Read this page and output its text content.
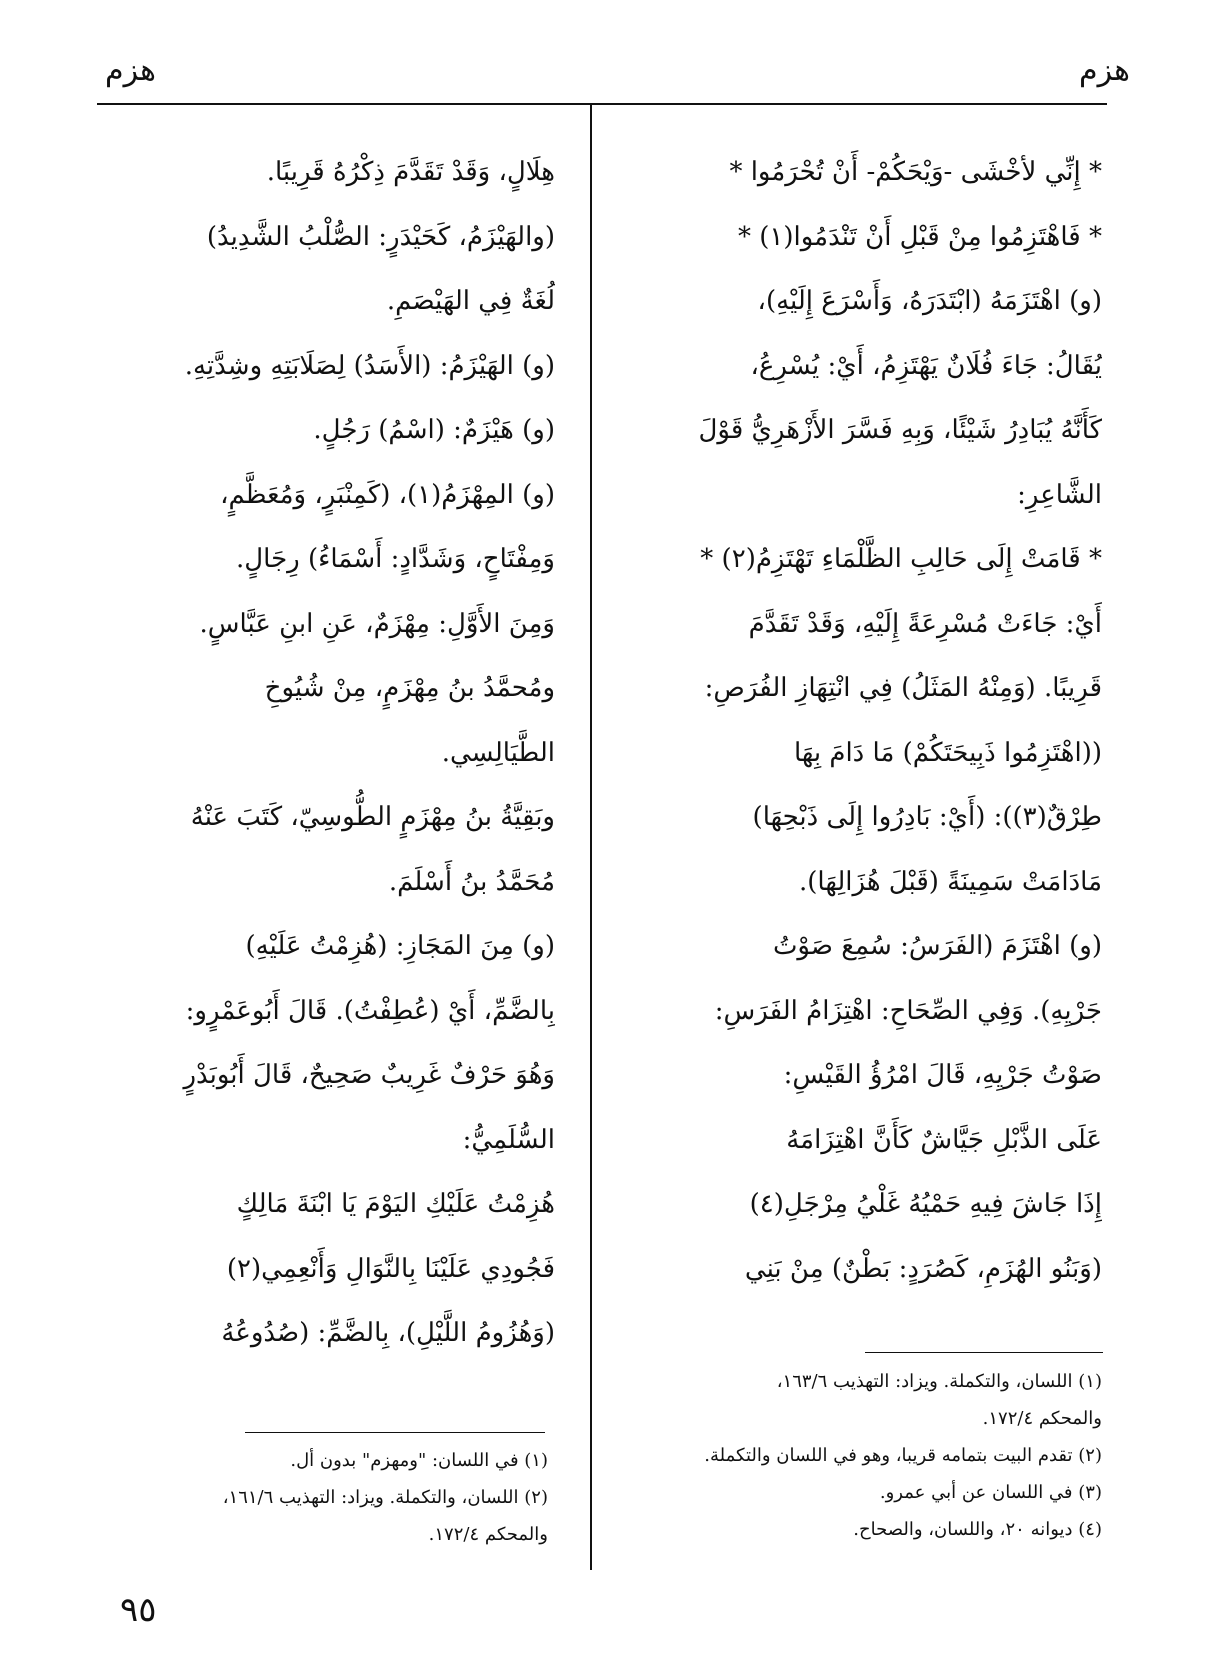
هزم
هزم
* إِنِّي لأخْشَى -وَيْحَكُمْ- أَنْ تُحْرَمُوا *
* فَاهْتَزِمُوا مِنْ قَبْلِ أَنْ تَنْدَمُوا(١) *
(و) اهْتَزَمَهُ (ابْتَدَرَهُ، وَأَسْرَعَ إِلَيْهِ)،
يُقَالُ: جَاءَ فُلَانٌ يَهْتَزِمُ، أَيْ: يُسْرِعُ،
كَأَنَّهُ يُبَادِرُ شَيْئًا، وَبِهِ فَسَّرَ الأَزْهَرِيُّ قَوْلَ
الشَّاعِرِ:
* قَامَتْ إِلَى حَالِبِ الظَّلْمَاءِ تَهْتَزِمُ(٢) *
أَيْ: جَاءَتْ مُسْرِعَةً إِلَيْهِ، وَقَدْ تَقَدَّمَ
قَرِيبًا. (وَمِنْهُ المَثَلُ) فِي انْتِهَازِ الفُرَصِ:
((اهْتَزِمُوا ذَبِيحَتَكُمْ) مَا دَامَ بِهَا
طِرْقٌ(٣)): (أَيْ: بَادِرُوا إِلَى ذَبْحِهَا)
مَادَامَتْ سَمِينَةً (قَبْلَ هُزَالِهَا).
(و) اهْتَزَمَ (الفَرَسُ: سُمِعَ صَوْتُ
جَرْيِهِ). وَفِي الصِّحَاحِ: اهْتِزَامُ الفَرَسِ:
صَوْتُ جَرْيِهِ، قَالَ امْرُؤُ القَيْسِ:
عَلَى الذَّبْلِ جَيَّاشٌ كَأَنَّ اهْتِزَامَهُ
إِذَا جَاشَ فِيهِ حَمْيُهُ غَلْيُ مِرْجَلِ(٤)
(وَبَنُو الهُزَمِ، كَصُرَدٍ: بَطْنٌ) مِنْ بَنِي
(١) اللسان، والتكملة. ويزاد: التهذيب ١٦٣/٦،
والمحكم ١٧٢/٤.
(٢) تقدم البيت بتمامه قريبا، وهو في اللسان والتكملة.
(٣) في اللسان عن أبي عمرو.
(٤) ديوانه ٢٠، واللسان، والصحاح.
هِلَالٍ، وَقَدْ تَقَدَّمَ ذِكْرُهُ قَرِيبًا.
(والهَيْزَمُ، كَحَيْدَرٍ: الصُّلْبُ الشَّدِيدُ)
لُغَةٌ فِي الهَيْصَمِ.
(و) الهَيْزَمُ: (الأَسَدُ) لِصَلَابَتِهِ وشِدَّتِهِ.
(و) هَيْزَمٌ: (اسْمُ) رَجُلٍ.
(و) المِهْزَمُ(١)، (كَمِنْبَرٍ، وَمُعَظَّمٍ،
وَمِفْتَاحٍ، وَشَدَّادٍ: أَسْمَاءُ) رِجَالٍ.
وَمِنَ الأَوَّلِ: مِهْزَمٌ، عَنِ ابنِ عَبَّاسٍ.
ومُحمَّدُ بنُ مِهْزَمٍ، مِنْ شُيُوخِ
الطَّيَالِسِي.
وبَقِيَّةُ بنُ مِهْزَمٍ الطُّوسِيّ، كَتَبَ عَنْهُ
مُحَمَّدُ بنُ أَسْلَمَ.
(و) مِنَ المَجَازِ: (هُزِمْتُ عَلَيْهِ)
بِالضَّمِّ، أَيْ (عُطِفْتُ). قَالَ أَبُوعَمْرٍو:
وَهُوَ حَرْفٌ غَرِيبٌ صَحِيحٌ، قَالَ أَبُوبَدْرٍ
السُّلَمِيُّ:
هُزِمْتُ عَلَيْكِ اليَوْمَ يَا ابْنَةَ مَالِكٍ
فَجُودِي عَلَيْنَا بِالنَّوَالِ وَأَنْعِمِي(٢)
(وَهُزُومُ اللَّيْلِ)، بِالضَّمِّ: (صُدُوعُهُ
(١) في اللسان: "ومهزم" بدون أل.
(٢) اللسان، والتكملة. ويزاد: التهذيب ١٦١/٦،
والمحكم ١٧٢/٤.
٩٥
